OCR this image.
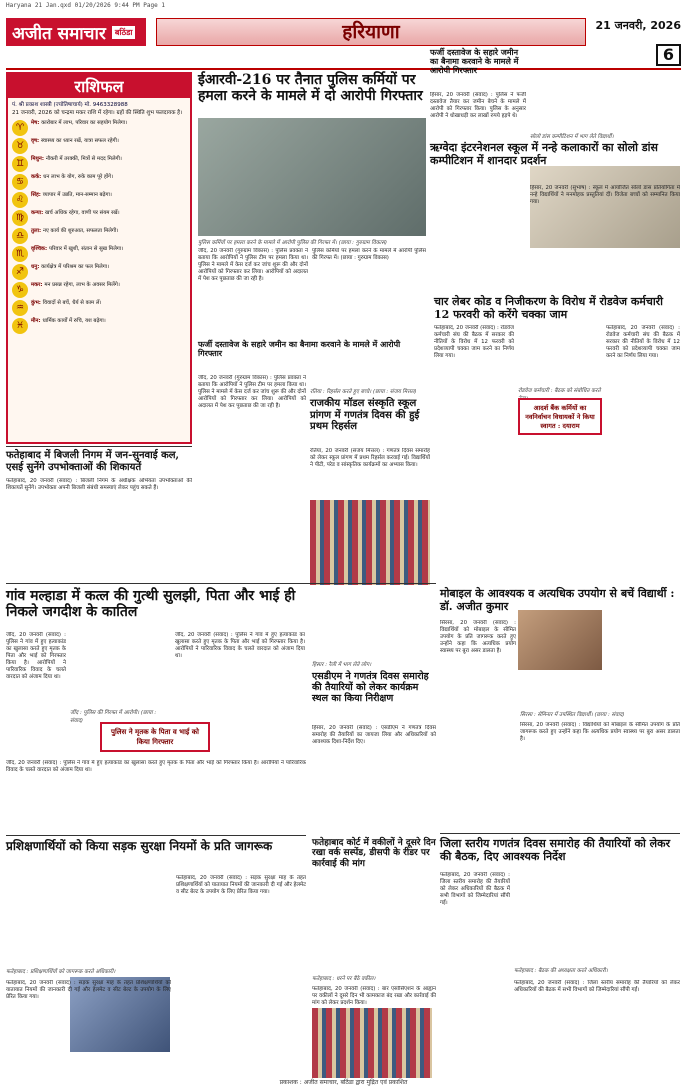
Haryana 21 Jan.qxd 01/20/2026 9:44 PM Page 1
अजीत समाचार	बठिंडा	हरियाणा	21 जनवरी, 2026
6
राशिफल
पं. श्री प्रकाश शास्त्री (ज्योतिषाचार्य) मो. 9463328988
21 जनवरी, 2026 को चन्द्रमा मकर राशि में रहेगा। ग्रहों की स्थिति शुभ फलदायक है।
♈	मेष: कारोबार में लाभ, परिवार का सहयोग मिलेगा।
♉	वृष: स्वास्थ्य का ध्यान रखें, यात्रा सफल रहेगी।
♊	मिथुन: नौकरी में तरक्की, मित्रों से मदद मिलेगी।
♋	कर्क: धन लाभ के योग, रुके काम पूरे होंगे।
♌	सिंह: व्यापार में उन्नति, मान-सम्मान बढ़ेगा।
♍	कन्या: खर्च अधिक रहेगा, वाणी पर संयम रखें।
♎	तुला: नए कार्य की शुरुआत, सफलता मिलेगी।
♏	वृश्चिक: परिवार में खुशी, संतान से सुख मिलेगा।
♐	धनु: कार्यक्षेत्र में परिश्रम का फल मिलेगा।
♑	मकर: मन प्रसन्न रहेगा, लाभ के अवसर मिलेंगे।
♒	कुंभ: विवादों से बचें, धैर्य से काम लें।
♓	मीन: धार्मिक कार्यों में रुचि, यश बढ़ेगा।
ईआरवी-216 पर तैनात पुलिस कर्मियों पर हमला करने के मामले में दो आरोपी गिरफ्तार
पुलिस कर्मियों पर हमला करने के मामले में आरोपी पुलिस की गिरफ्त में। (छाया : गुरुग्राम विकास)
जींद, 20 जनवरी (गुरुग्राम विकास) : पुलिस प्रवक्ता ने बताया कि आरोपियों ने पुलिस टीम पर हमला किया था। पुलिस ने मामले में केस दर्ज कर जांच शुरू की और दोनों आरोपियों को गिरफ्तार कर लिया। आरोपियों को अदालत में पेश कर पूछताछ की जा रही है।
फर्जी दस्तावेज के सहारे जमीन का बैनामा करवाने के मामले में आरोपी गिरफ्तार
हिसार, 20 जनवरी (संवाद) : पुलिस ने फर्जी दस्तावेज तैयार कर जमीन बेचने के मामले में आरोपी को गिरफ्तार किया। पुलिस के अनुसार आरोपी ने धोखाधड़ी कर लाखों रुपये हड़पे थे।
सोलो डांस कम्पीटिशन में भाग लेते विद्यार्थी।
ऋग्वेदा इंटरनेशनल स्कूल में नन्हे कलाकारों का सोलो डांस कम्पीटिशन में शानदार प्रदर्शन
हिसार, 20 जनवरी (सुभाष) : स्कूल में आयोजित सोलो डांस प्रतियोगिता में नन्हे विद्यार्थियों ने मनमोहक प्रस्तुतियां दीं। विजेता बच्चों को सम्मानित किया गया।
पुलिस कर्मियों पर हमला करने के मामले में आरोपी पुलिस की गिरफ्त में। (छाया : गुरुग्राम विकास)
फतेहाबाद में बिजली निगम में जन-सुनवाई कल, एसई सुनेंगे उपभोक्ताओं की शिकायतें
फतेहाबाद, 20 जनवरी (संवाद) : बिजली निगम के अधीक्षक अभियंता उपभोक्ताओं की शिकायतें सुनेंगे। उपभोक्ता अपनी बिजली संबंधी समस्याएं लेकर पहुंच सकते हैं।
फर्जी दस्तावेज के सहारे जमीन का बैनामा करवाने के मामले में आरोपी गिरफ्तार
रतिया : रिहर्सल करते हुए बच्चे। (छाया : संजय मित्तल)
राजकीय मॉडल संस्कृति स्कूल प्रांगण में गणतंत्र दिवस की हुई प्रथम रिहर्सल
रतिया, 20 जनवरी (संजय मित्तल) : गणतंत्र दिवस समारोह को लेकर स्कूल प्रांगण में प्रथम रिहर्सल करवाई गई। विद्यार्थियों ने पीटी, परेड व सांस्कृतिक कार्यक्रमों का अभ्यास किया।
जींद, 20 जनवरी (गुरुग्राम विकास) : पुलिस प्रवक्ता ने बताया कि आरोपियों ने पुलिस टीम पर हमला किया था। पुलिस ने मामले में केस दर्ज कर जांच शुरू की और दोनों आरोपियों को गिरफ्तार कर लिया। आरोपियों को अदालत में पेश कर पूछताछ की जा रही है।
चार लेबर कोड व निजीकरण के विरोध में रोडवेज कर्मचारी 12 फरवरी को करेंगे चक्का जाम
फतेहाबाद, 20 जनवरी (संवाद) : रोडवेज कर्मचारी संघ की बैठक में सरकार की नीतियों के विरोध में 12 फरवरी को प्रदेशव्यापी चक्का जाम करने का निर्णय लिया गया।
रोडवेज कर्मचारी : बैठक को संबोधित करते
आदर्श बैंक कर्मियों का नवनिर्वाचन विधायकों ने किया स्वागत : दयाराम
फतेहाबाद, 20 जनवरी (संवाद) : रोडवेज कर्मचारी संघ की बैठक में सरकार की नीतियों के विरोध में 12 फरवरी को प्रदेशव्यापी चक्का जाम करने का निर्णय लिया गया।
गांव मल्हाडा में कत्ल की गुत्थी सुलझी, पिता और भाई ही निकले जगदीश के कातिल
जींद, 20 जनवरी (संवाद) : पुलिस ने गांव में हुए हत्याकांड का खुलासा करते हुए मृतक के पिता और भाई को गिरफ्तार किया है। आरोपियों ने पारिवारिक विवाद के चलते वारदात को अंजाम दिया था।
जींद : पुलिस की गिरफ्त में आरोपी। (छाया : संवाद)
पुलिस ने मृतक के पिता व भाई को किया गिरफ्तार
जींद, 20 जनवरी (संवाद) : पुलिस ने गांव में हुए हत्याकांड का खुलासा करते हुए मृतक के पिता और भाई को गिरफ्तार किया है। आरोपियों ने पारिवारिक विवाद के चलते वारदात को अंजाम दिया था।
जींद, 20 जनवरी (संवाद) : पुलिस ने गांव में हुए हत्याकांड का खुलासा करते हुए मृतक के पिता और भाई को गिरफ्तार किया है। आरोपियों ने पारिवारिक विवाद के चलते वारदात को अंजाम दिया था।
हिसार : रैली में भाग लेते लोग।
एसडीएम ने गणतंत्र दिवस समारोह की तैयारियों को लेकर कार्यक्रम स्थल का किया निरीक्षण
हिसार, 20 जनवरी (संवाद) : एसडीएम ने गणतंत्र दिवस समारोह की तैयारियों का जायजा लिया और अधिकारियों को आवश्यक दिशा-निर्देश दिए।
मोबाइल के आवश्यक व अत्यधिक उपयोग से बचें विद्यार्थी : डॉ. अजीत कुमार
सिरसा, 20 जनवरी (संवाद) : विद्यार्थियों को मोबाइल के सीमित उपयोग के प्रति जागरूक करते हुए उन्होंने कहा कि अत्यधिक प्रयोग स्वास्थ्य पर बुरा असर डालता है।
सिरसा : सेमिनार में उपस्थित विद्यार्थी। (छाया : संवाद)
सिरसा, 20 जनवरी (संवाद) : विद्यार्थियों को मोबाइल के सीमित उपयोग के प्रति जागरूक करते हुए उन्होंने कहा कि अत्यधिक प्रयोग स्वास्थ्य पर बुरा असर डालता है।
जिला स्तरीय गणतंत्र दिवस समारोह की तैयारियों को लेकर की बैठक, दिए आवश्यक निर्देश
फतेहाबाद, 20 जनवरी (संवाद) : जिला स्तरीय समारोह की तैयारियों को लेकर अधिकारियों की बैठक में सभी विभागों को जिम्मेदारियां सौंपी गईं।
फतेहाबाद : बैठक की अध्यक्षता करते अधिकारी।
फतेहाबाद, 20 जनवरी (संवाद) : जिला स्तरीय समारोह की तैयारियों को लेकर अधिकारियों की बैठक में सभी विभागों को जिम्मेदारियां सौंपी गईं।
प्रशिक्षणार्थियों को किया सड़क सुरक्षा नियमों के प्रति जागरूक
फतेहाबाद : प्रशिक्षणार्थियों को जागरूक करते अधिकारी।
फतेहाबाद, 20 जनवरी (संवाद) : सड़क सुरक्षा माह के तहत प्रशिक्षणार्थियों को यातायात नियमों की जानकारी दी गई और हेलमेट व सीट बेल्ट के उपयोग के लिए प्रेरित किया गया।
फतेहाबाद, 20 जनवरी (संवाद) : सड़क सुरक्षा माह के तहत प्रशिक्षणार्थियों को यातायात नियमों की जानकारी दी गई और हेलमेट व सीट बेल्ट के उपयोग के लिए प्रेरित किया गया।
फतेहाबाद कोर्ट में वकीलों ने दूसरे दिन रखा वर्क सस्पेंड, डीसपी के रीडर पर कार्रवाई की मांग
फतेहाबाद : धरने पर बैठे वकील।
फतेहाबाद, 20 जनवरी (संवाद) : बार एसोसिएशन के आह्वान पर वकीलों ने दूसरे दिन भी कामकाज बंद रखा और कार्रवाई की मांग को लेकर प्रदर्शन किया।
प्रकाशक : अजीत समाचार, बठिंडा द्वारा मुद्रित एवं प्रकाशित
